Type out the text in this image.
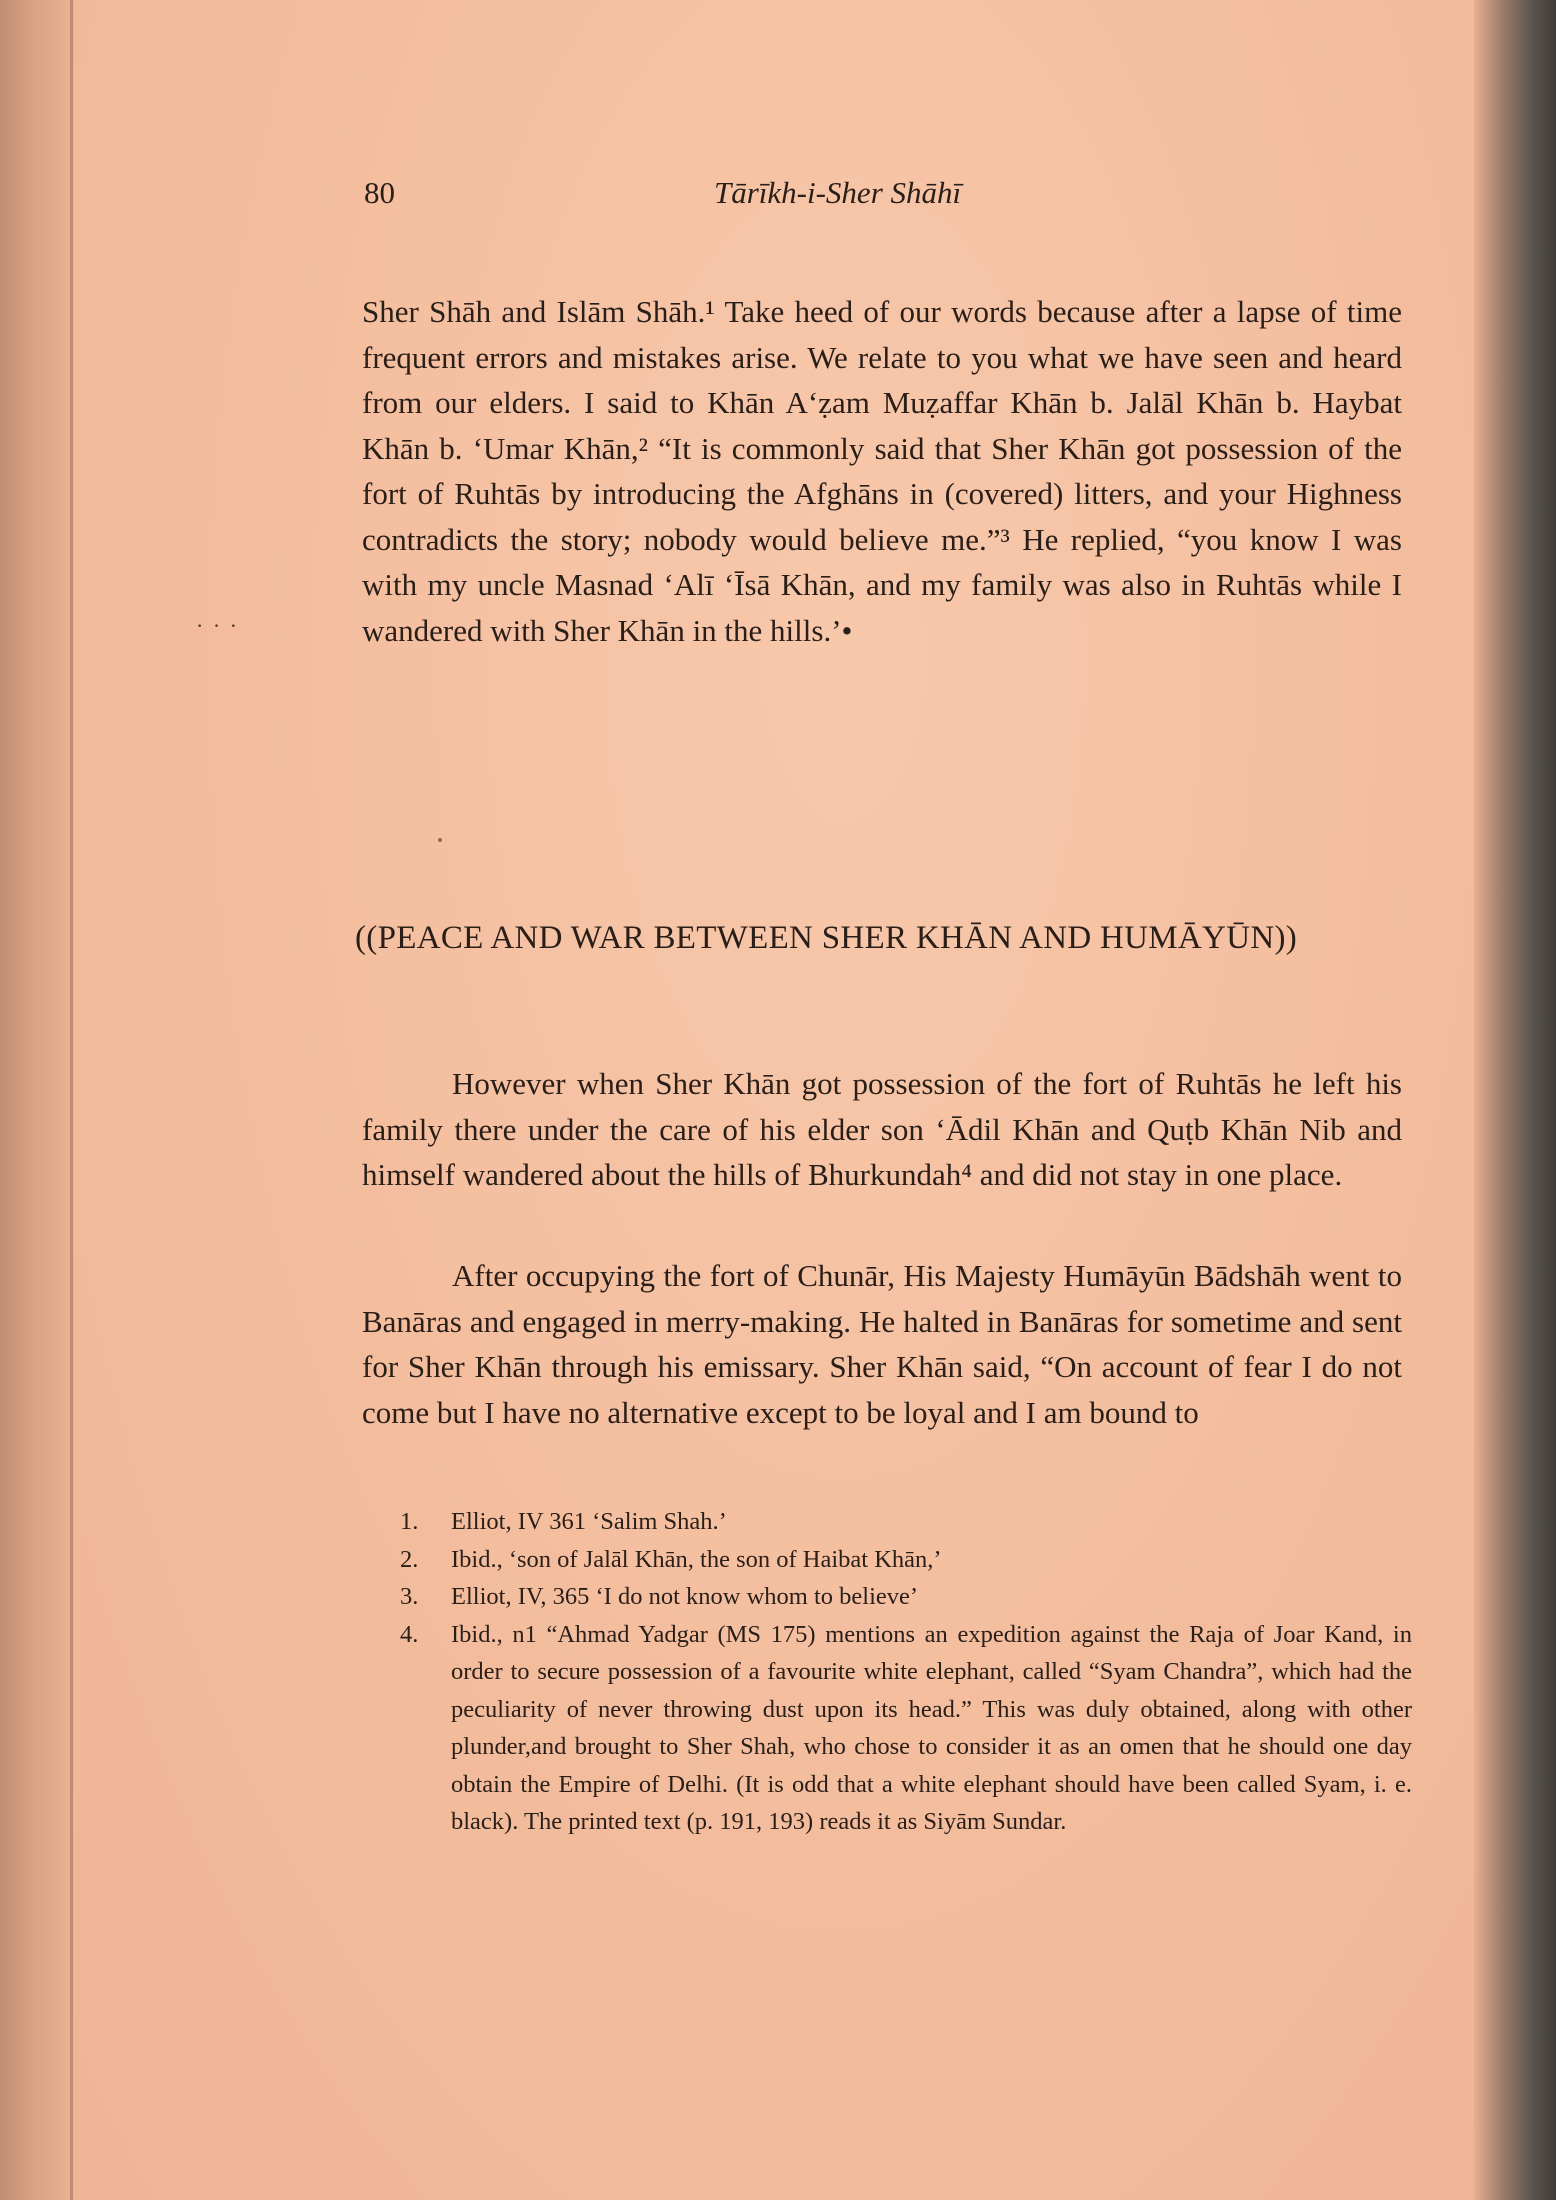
80	Tārīkh-i-Sher Shāhī

Sher Shāh and Islām Shāh.¹ Take heed of our words because after a lapse of time frequent errors and mistakes arise. We relate to you what we have seen and heard from our elders. I said to Khān A‘ẓam Muẓaffar Khān b. Jalāl Khān b. Haybat Khān b. ‘Umar Khān,² “It is commonly said that Sher Khān got possession of the fort of Ruhtās by introducing the Afghāns in (covered) litters, and your Highness contradicts the story; nobody would believe me.”³ He replied, “you know I was with my uncle Masnad ‘Alī ‘Īsā Khān, and my family was also in Ruhtās while I wandered with Sher Khān in the hills.’•

· · ·
((PEACE AND WAR BETWEEN SHER KHĀN AND HUMĀYŪN))

However when Sher Khān got possession of the fort of Ruhtās he left his family there under the care of his elder son ‘Ādil Khān and Quṭb Khān Nib and himself wandered about the hills of Bhurkundah⁴ and did not stay in one place.

After occupying the fort of Chunār, His Majesty Humāyūn Bādshāh went to Banāras and engaged in merry-making. He halted in Banāras for sometime and sent for Sher Khān through his emissary. Sher Khān said, “On account of fear I do not come but I have no alternative except to be loyal and I am bound to

1.	Elliot, IV 361 ‘Salim Shah.’
2.	Ibid., ‘son of Jalāl Khān, the son of Haibat Khān,’
3.	Elliot, IV, 365 ‘I do not know whom to believe’
4.	Ibid., n1 “Ahmad Yadgar (MS 175) mentions an expedition against the Raja of Joar Kand, in order to secure possession of a favourite white elephant, called “Syam Chandra”, which had the peculiarity of never throwing dust upon its head.” This was duly obtained, along with other plunder,and brought to Sher Shah, who chose to consider it as an omen that he should one day obtain the Empire of Delhi. (It is odd that a white elephant should have been called Syam, i. e. black). The printed text (p. 191, 193) reads it as Siyām Sundar.
